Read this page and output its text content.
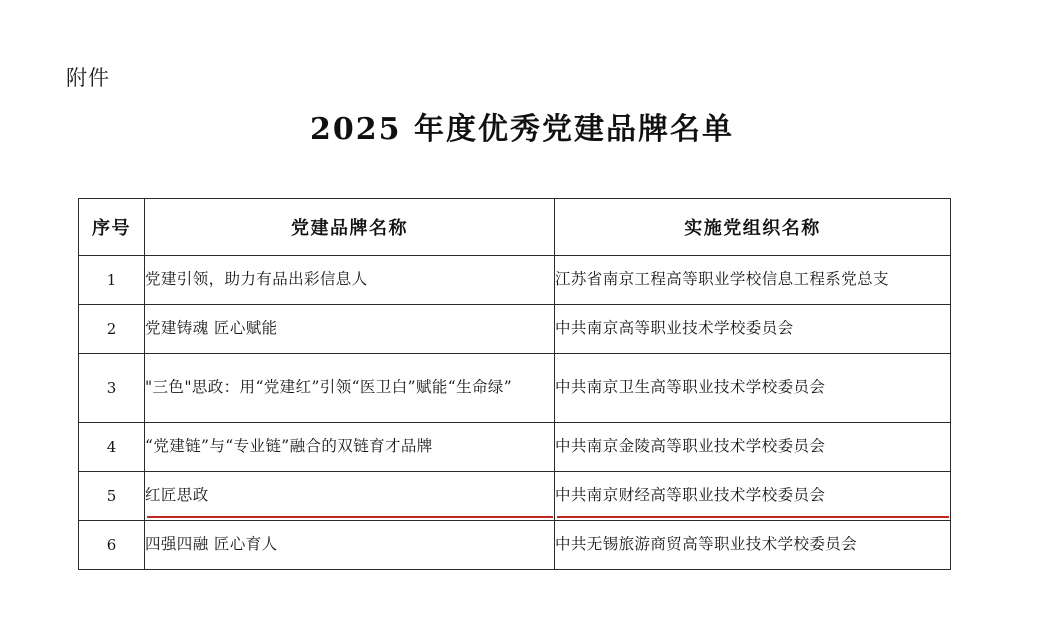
附件
2025 年度优秀党建品牌名单
序号	党建品牌名称	实施党组织名称
1	党建引领，助力有品出彩信息人	江苏省南京工程高等职业学校信息工程系党总支
2	党建铸魂 匠心赋能	中共南京高等职业技术学校委员会
3	"三色"思政：用“党建红”引领“医卫白”赋能“生命绿”	中共南京卫生高等职业技术学校委员会
4	“党建链”与“专业链”融合的双链育才品牌	中共南京金陵高等职业技术学校委员会
5	红匠思政	中共南京财经高等职业技术学校委员会
6	四强四融 匠心育人	中共无锡旅游商贸高等职业技术学校委员会
